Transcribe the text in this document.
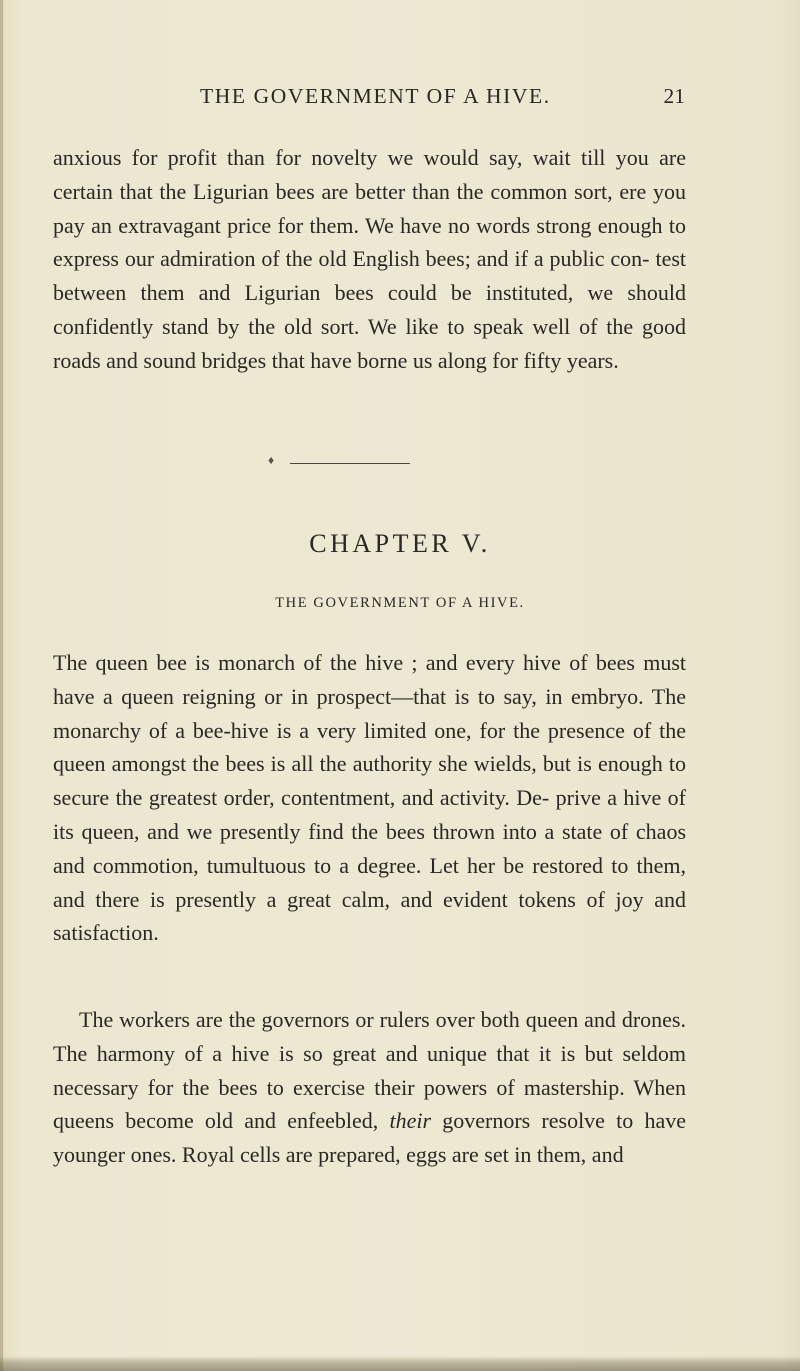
THE GOVERNMENT OF A HIVE.	21

anxious for profit than for novelty we would say, wait till you are certain that the Ligurian bees are better than the common sort, ere you pay an extravagant price for them. We have no words strong enough to express our admiration of the old English bees; and if a public con- test between them and Ligurian bees could be instituted, we should confidently stand by the old sort. We like to speak well of the good roads and sound bridges that have borne us along for fifty years.

♦
CHAPTER V.
THE GOVERNMENT OF A HIVE.

The queen bee is monarch of the hive ; and every hive of bees must have a queen reigning or in prospect—that is to say, in embryo. The monarchy of a bee-hive is a very limited one, for the presence of the queen amongst the bees is all the authority she wields, but is enough to secure the greatest order, contentment, and activity. De- prive a hive of its queen, and we presently find the bees thrown into a state of chaos and commotion, tumultuous to a degree. Let her be restored to them, and there is presently a great calm, and evident tokens of joy and satisfaction.

The workers are the governors or rulers over both queen and drones. The harmony of a hive is so great and unique that it is but seldom necessary for the bees to exercise their powers of mastership. When queens become old and enfeebled, their governors resolve to have younger ones. Royal cells are prepared, eggs are set in them, and
